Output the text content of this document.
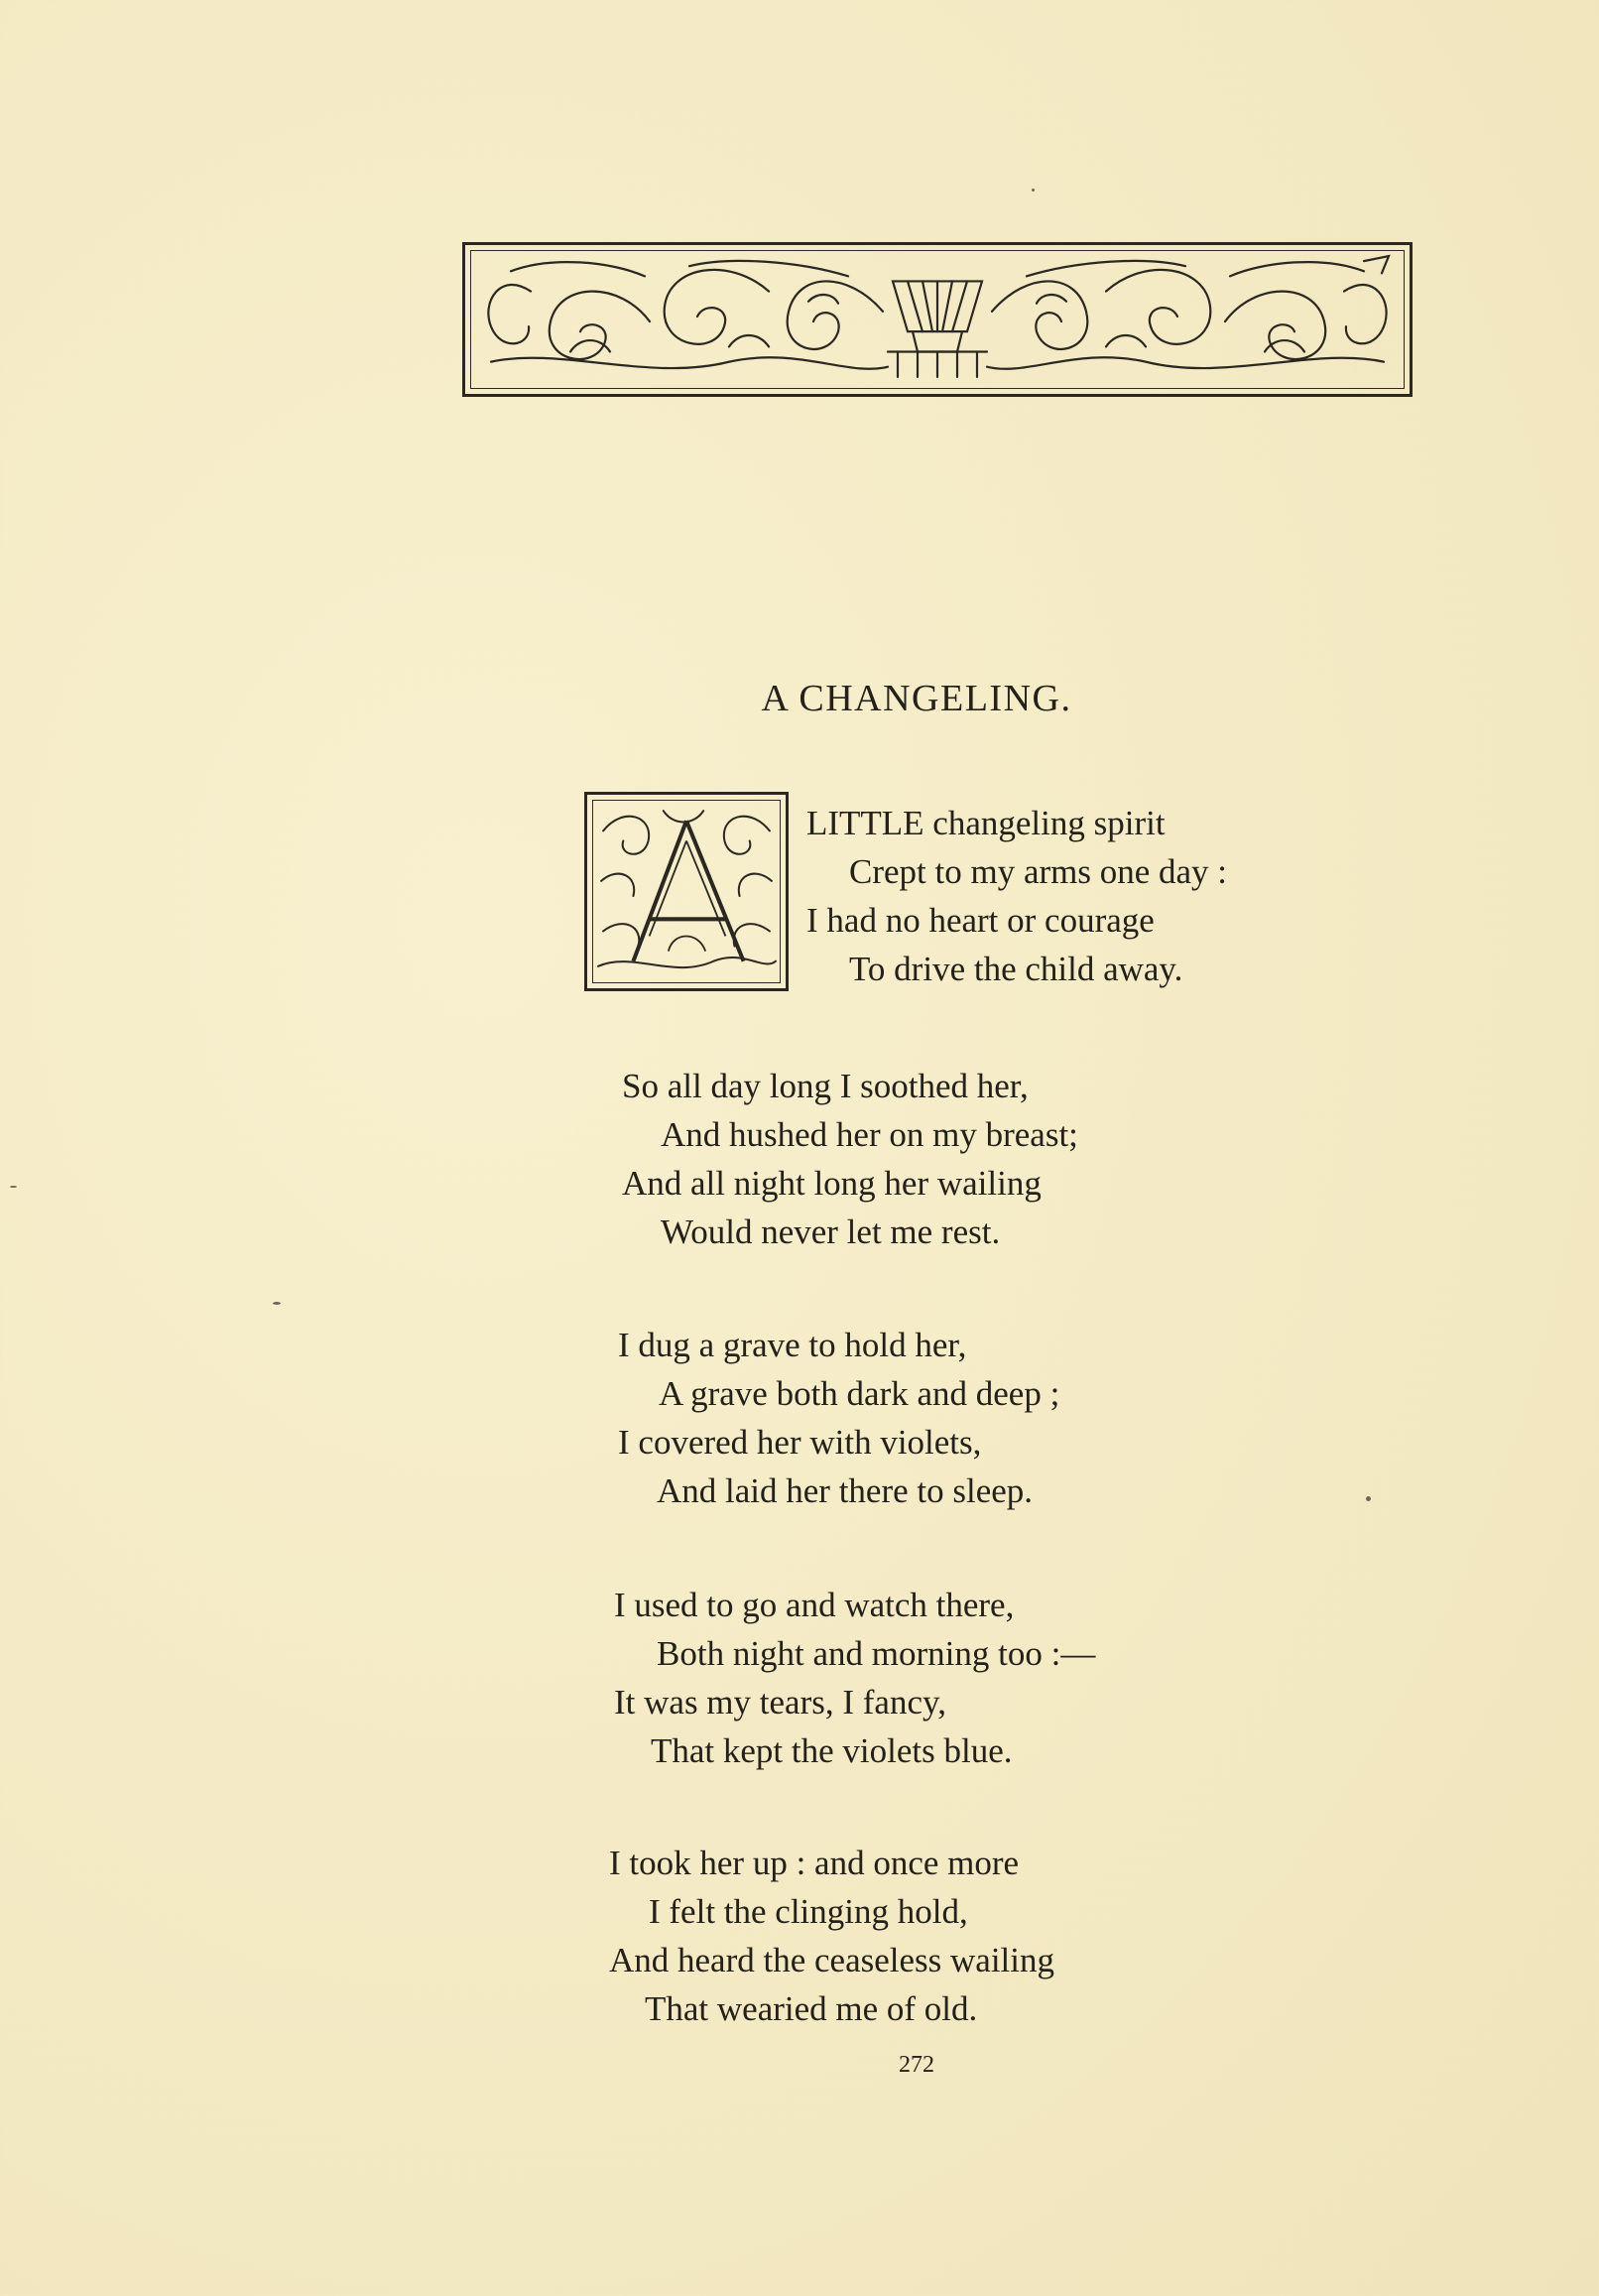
A CHANGELING.

LITTLE changeling spirit

Crept to my arms one day :

I had no heart or courage

To drive the child away.

So all day long I soothed her,

And hushed her on my breast;

And all night long her wailing

Would never let me rest.

I dug a grave to hold her,

A grave both dark and deep ;

I covered her with violets,

And laid her there to sleep.

I used to go and watch there,

Both night and morning too :—

It was my tears, I fancy,

That kept the violets blue.

I took her up : and once more

I felt the clinging hold,

And heard the ceaseless wailing

That wearied me of old.

272
